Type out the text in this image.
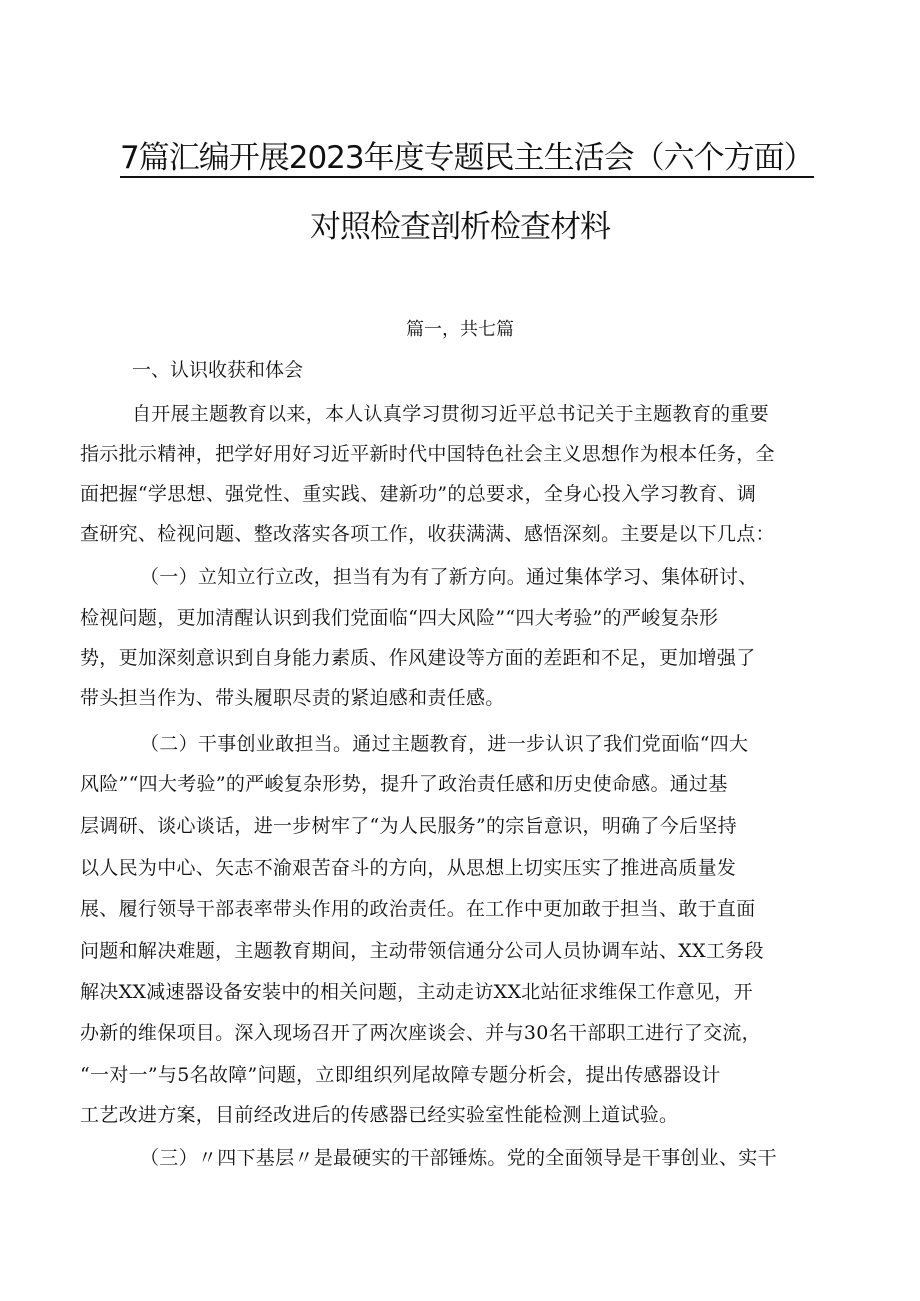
7篇汇编开展2023年度专题民主生活会（六个方面）
对照检查剖析检查材料
篇一，共七篇
一、认识收获和体会
自开展主题教育以来，本人认真学习贯彻习近平总书记关于主题教育的重要
指示批示精神，把学好用好习近平新时代中国特色社会主义思想作为根本任务，全
面把握“学思想、强党性、重实践、建新功”的总要求，全身心投入学习教育、调
查研究、检视问题、整改落实各项工作，收获满满、感悟深刻。主要是以下几点：
（一）立知立行立改，担当有为有了新方向。通过集体学习、集体研讨、
检视问题，更加清醒认识到我们党面临“四大风险”“四大考验”的严峻复杂形
势，更加深刻意识到自身能力素质、作风建设等方面的差距和不足，更加增强了
带头担当作为、带头履职尽责的紧迫感和责任感。
（二）干事创业敢担当。通过主题教育，进一步认识了我们党面临“四大
风险”“四大考验”的严峻复杂形势，提升了政治责任感和历史使命感。通过基
层调研、谈心谈话，进一步树牢了“为人民服务”的宗旨意识，明确了今后坚持
以人民为中心、矢志不渝艰苦奋斗的方向，从思想上切实压实了推进高质量发
展、履行领导干部表率带头作用的政治责任。在工作中更加敢于担当、敢于直面
问题和解决难题，主题教育期间，主动带领信通分公司人员协调车站、XX工务段
解决XX减速器设备安装中的相关问题，主动走访XX北站征求维保工作意见，开
办新的维保项目。深入现场召开了两次座谈会、并与30名干部职工进行了交流，
“一对一”与5名故障”问题，立即组织列尾故障专题分析会，提出传感器设计
工艺改进方案，目前经改进后的传感器已经实验室性能检测上道试验。
（三）〃四下基层〃是最硬实的干部锤炼。党的全面领导是干事创业、实干
